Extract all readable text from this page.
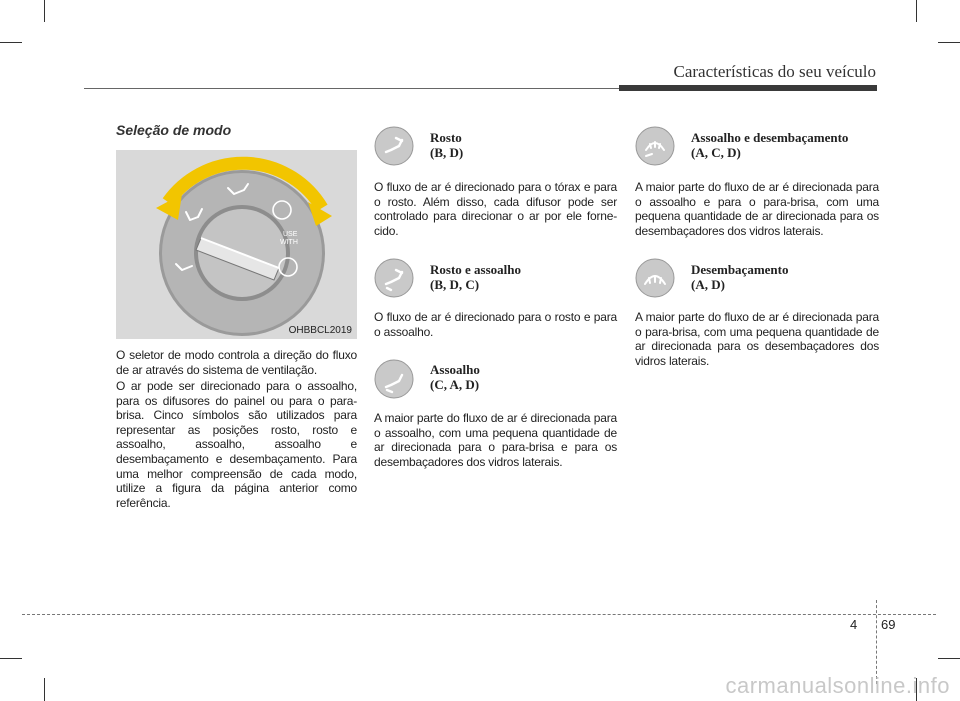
Características do seu veículo
Seleção de modo
USE
WITH
OHBBCL2019
O seletor de modo controla a direção do fluxo de ar através do sistema de ventilação.
O ar pode ser direcionado para o assoalho, para os difusores do painel ou para o para-brisa. Cinco símbolos são utilizados para representar as posições rosto, rosto e assoalho, assoalho, assoalho e desembaçamento e desembaçamento. Para uma melhor compreensão de cada modo, utilize a figura da página anterior como referência.
Rosto
(B, D)
O fluxo de ar é direcionado para o tórax e para o rosto. Além disso, cada difusor pode ser controlado para direcionar o ar por ele forne-cido.
Rosto e assoalho
(B, D, C)
O fluxo de ar é direcionado para o rosto e para o assoalho.
Assoalho
(C, A, D)
A maior parte do fluxo de ar é direcionada para o assoalho, com uma pequena quantidade de ar direcionada para o para-brisa e para os desembaçadores dos vidros laterais.
Assoalho e desembaçamento
(A, C, D)
A maior parte do fluxo de ar é direcionada para o assoalho e para o para-brisa, com uma pequena quantidade de ar direcionada para os desembaçadores dos vidros laterais.
Desembaçamento
(A, D)
A maior parte do fluxo de ar é direcionada para o para-brisa, com uma pequena quantidade de ar direcionada para os desembaçadores dos vidros laterais.
4 69
carmanualsonline.info
